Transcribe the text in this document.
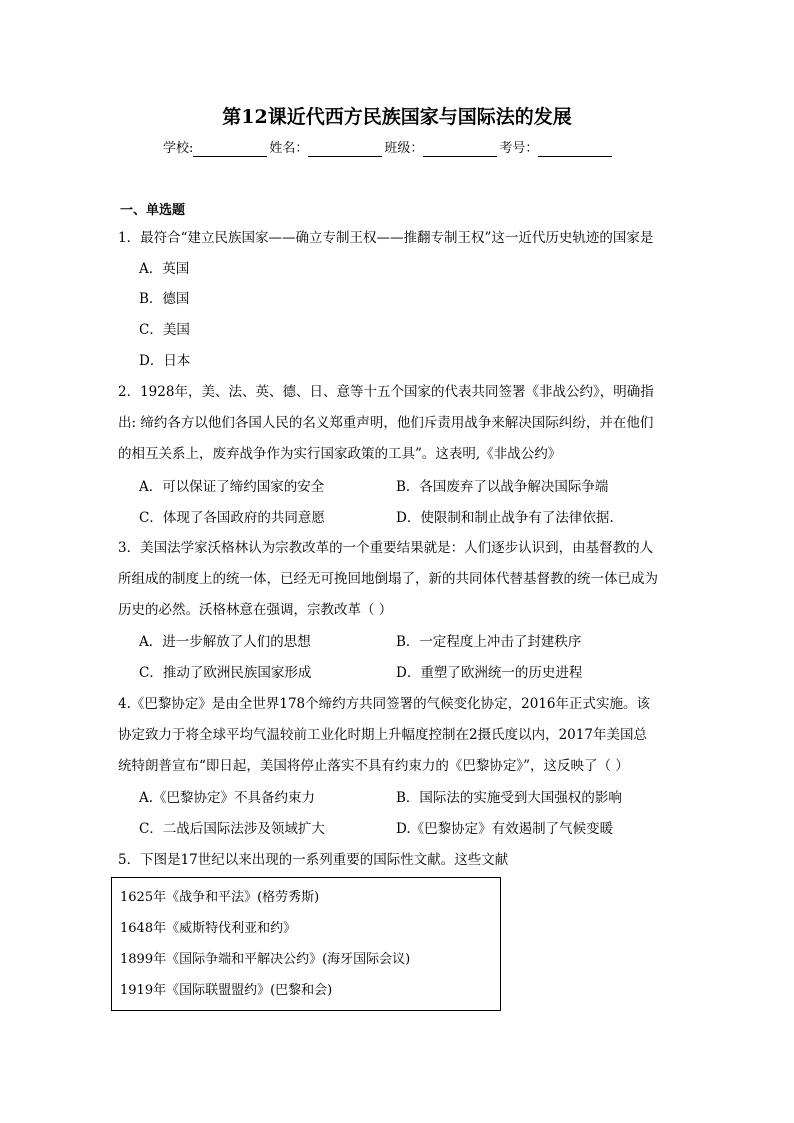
第12课近代西方民族国家与国际法的发展
学校:	姓名：	班级：	考号：
一、单选题
1．最符合“建立民族国家——确立专制王权——推翻专制王权”这一近代历史轨迹的国家是
A．英国
B．德国
C．美国
D．日本
2．1928年，美、法、英、德、日、意等十五个国家的代表共同签署《非战公约》，明确指
出: 缔约各方以他们各国人民的名义郑重声明，他们斥责用战争来解决国际纠纷，并在他们
的相互关系上，废弃战争作为实行国家政策的工具”。这表明,《非战公约》
A．可以保证了缔约国家的安全	B．各国废弃了以战争解决国际争端
C．体现了各国政府的共同意愿	D．使限制和制止战争有了法律依据.
3．美国法学家沃格林认为宗教改革的一个重要结果就是：人们逐步认识到，由基督教的人
所组成的制度上的统一体，已经无可挽回地倒塌了，新的共同体代替基督教的统一体已成为
历史的必然。沃格林意在强调，宗教改革（ ）
A．进一步解放了人们的思想	B．一定程度上冲击了封建秩序
C．推动了欧洲民族国家形成	D．重塑了欧洲统一的历史进程
4.《巴黎协定》是由全世界178个缔约方共同签署的气候变化协定，2016年正式实施。该
协定致力于将全球平均气温较前工业化时期上升幅度控制在2摄氏度以内，2017年美国总
统特朗普宣布“即日起，美国将停止落实不具有约束力的《巴黎协定》”，这反映了（ ）
A.《巴黎协定》不具备约束力	B．国际法的实施受到大国强权的影响
C．二战后国际法涉及领域扩大	D.《巴黎协定》有效遏制了气候变暖
5．下图是17世纪以来出现的一系列重要的国际性文献。这些文献
1625年《战争和平法》(格劳秀斯)
1648年《威斯特伐利亚和约》
1899年《国际争端和平解决公约》(海牙国际会议)
1919年《国际联盟盟约》(巴黎和会)
